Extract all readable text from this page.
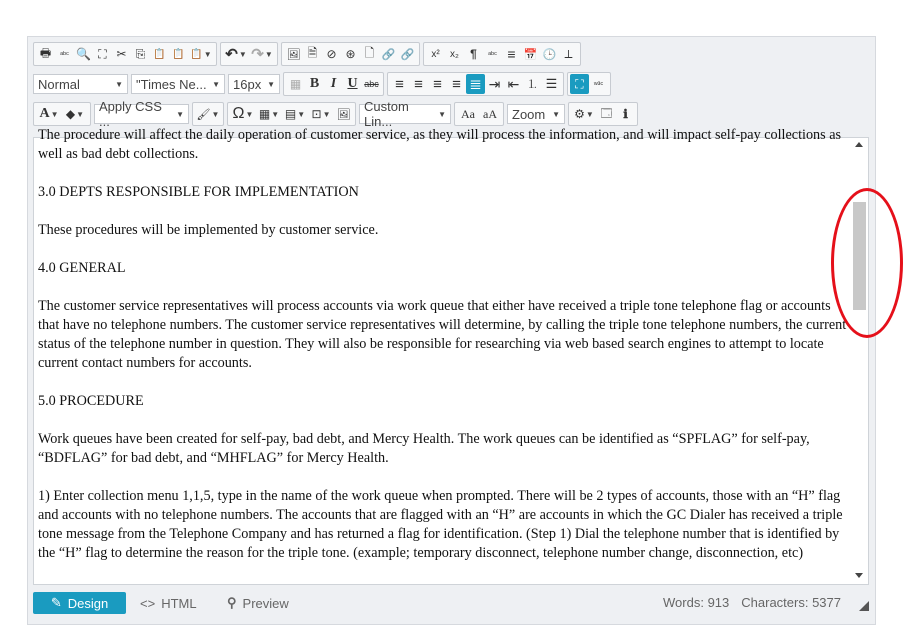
🖶	ᵃᵇᶜ 🔍 ⛶ ✂ ⎘ 📋 📋 📋 ▼ ↶ ▼ ↷ ▼ 🖼 🗎 ⊘ ⊛ 🗋 🔗 🔗	x²	x₂ ¶	ᵃᵇᶜ ≡ 📅 🕒 ⟂
Normal	▼ "Times Ne... ▼ 16px ▼	▦ B I U abc	≡ ≡ ≡ ≡ ≣ ⇥ ⇤ ⒈ ☰	⛶	ʷ³ᶜ
A ▼ ◆ ▼ Apply CSS ...	▼ 🖌 ▼ Ω ▼ ▦ ▼ ▤ ▼ ⊡ ▼ 🖼
Custom Lin...	▼	Aa aA	Zoom ▼ ⚙ ▼ 🗔 ℹ

The procedure will affect the daily operation of customer service, as they will process the information, and will impact self-pay collections as well as bad debt collections.

3.0 DEPTS RESPONSIBLE FOR IMPLEMENTATION

These procedures will be implemented by customer service.

4.0 GENERAL

The customer service representatives will process accounts via work queue that either have received a triple tone telephone flag or accounts that have no telephone numbers. The customer service representatives will determine, by calling the triple tone telephone numbers, the current status of the telephone number in question. They will also be responsible for researching via web based search engines to attempt to locate current contact numbers for accounts.

5.0 PROCEDURE

Work queues have been created for self-pay, bad debt, and Mercy Health. The work queues can be identified as “SPFLAG” for self-pay, “BDFLAG” for bad debt, and “MHFLAG” for Mercy Health.

1) Enter collection menu 1,1,5, type in the name of the work queue when prompted. There will be 2 types of accounts, those with an “H” flag and accounts with no telephone numbers. The accounts that are flagged with an “H” are accounts in which the GC Dialer has received a triple tone message from the Telephone Company and has returned a flag for identification. (Step 1) Dial the telephone number that is identified by the “H” flag to determine the reason for the triple tone. (example; temporary disconnect, telephone number change, disconnection, etc)

✎ Design <> HTML ⚲ Preview	Words: 913 Characters: 5377
